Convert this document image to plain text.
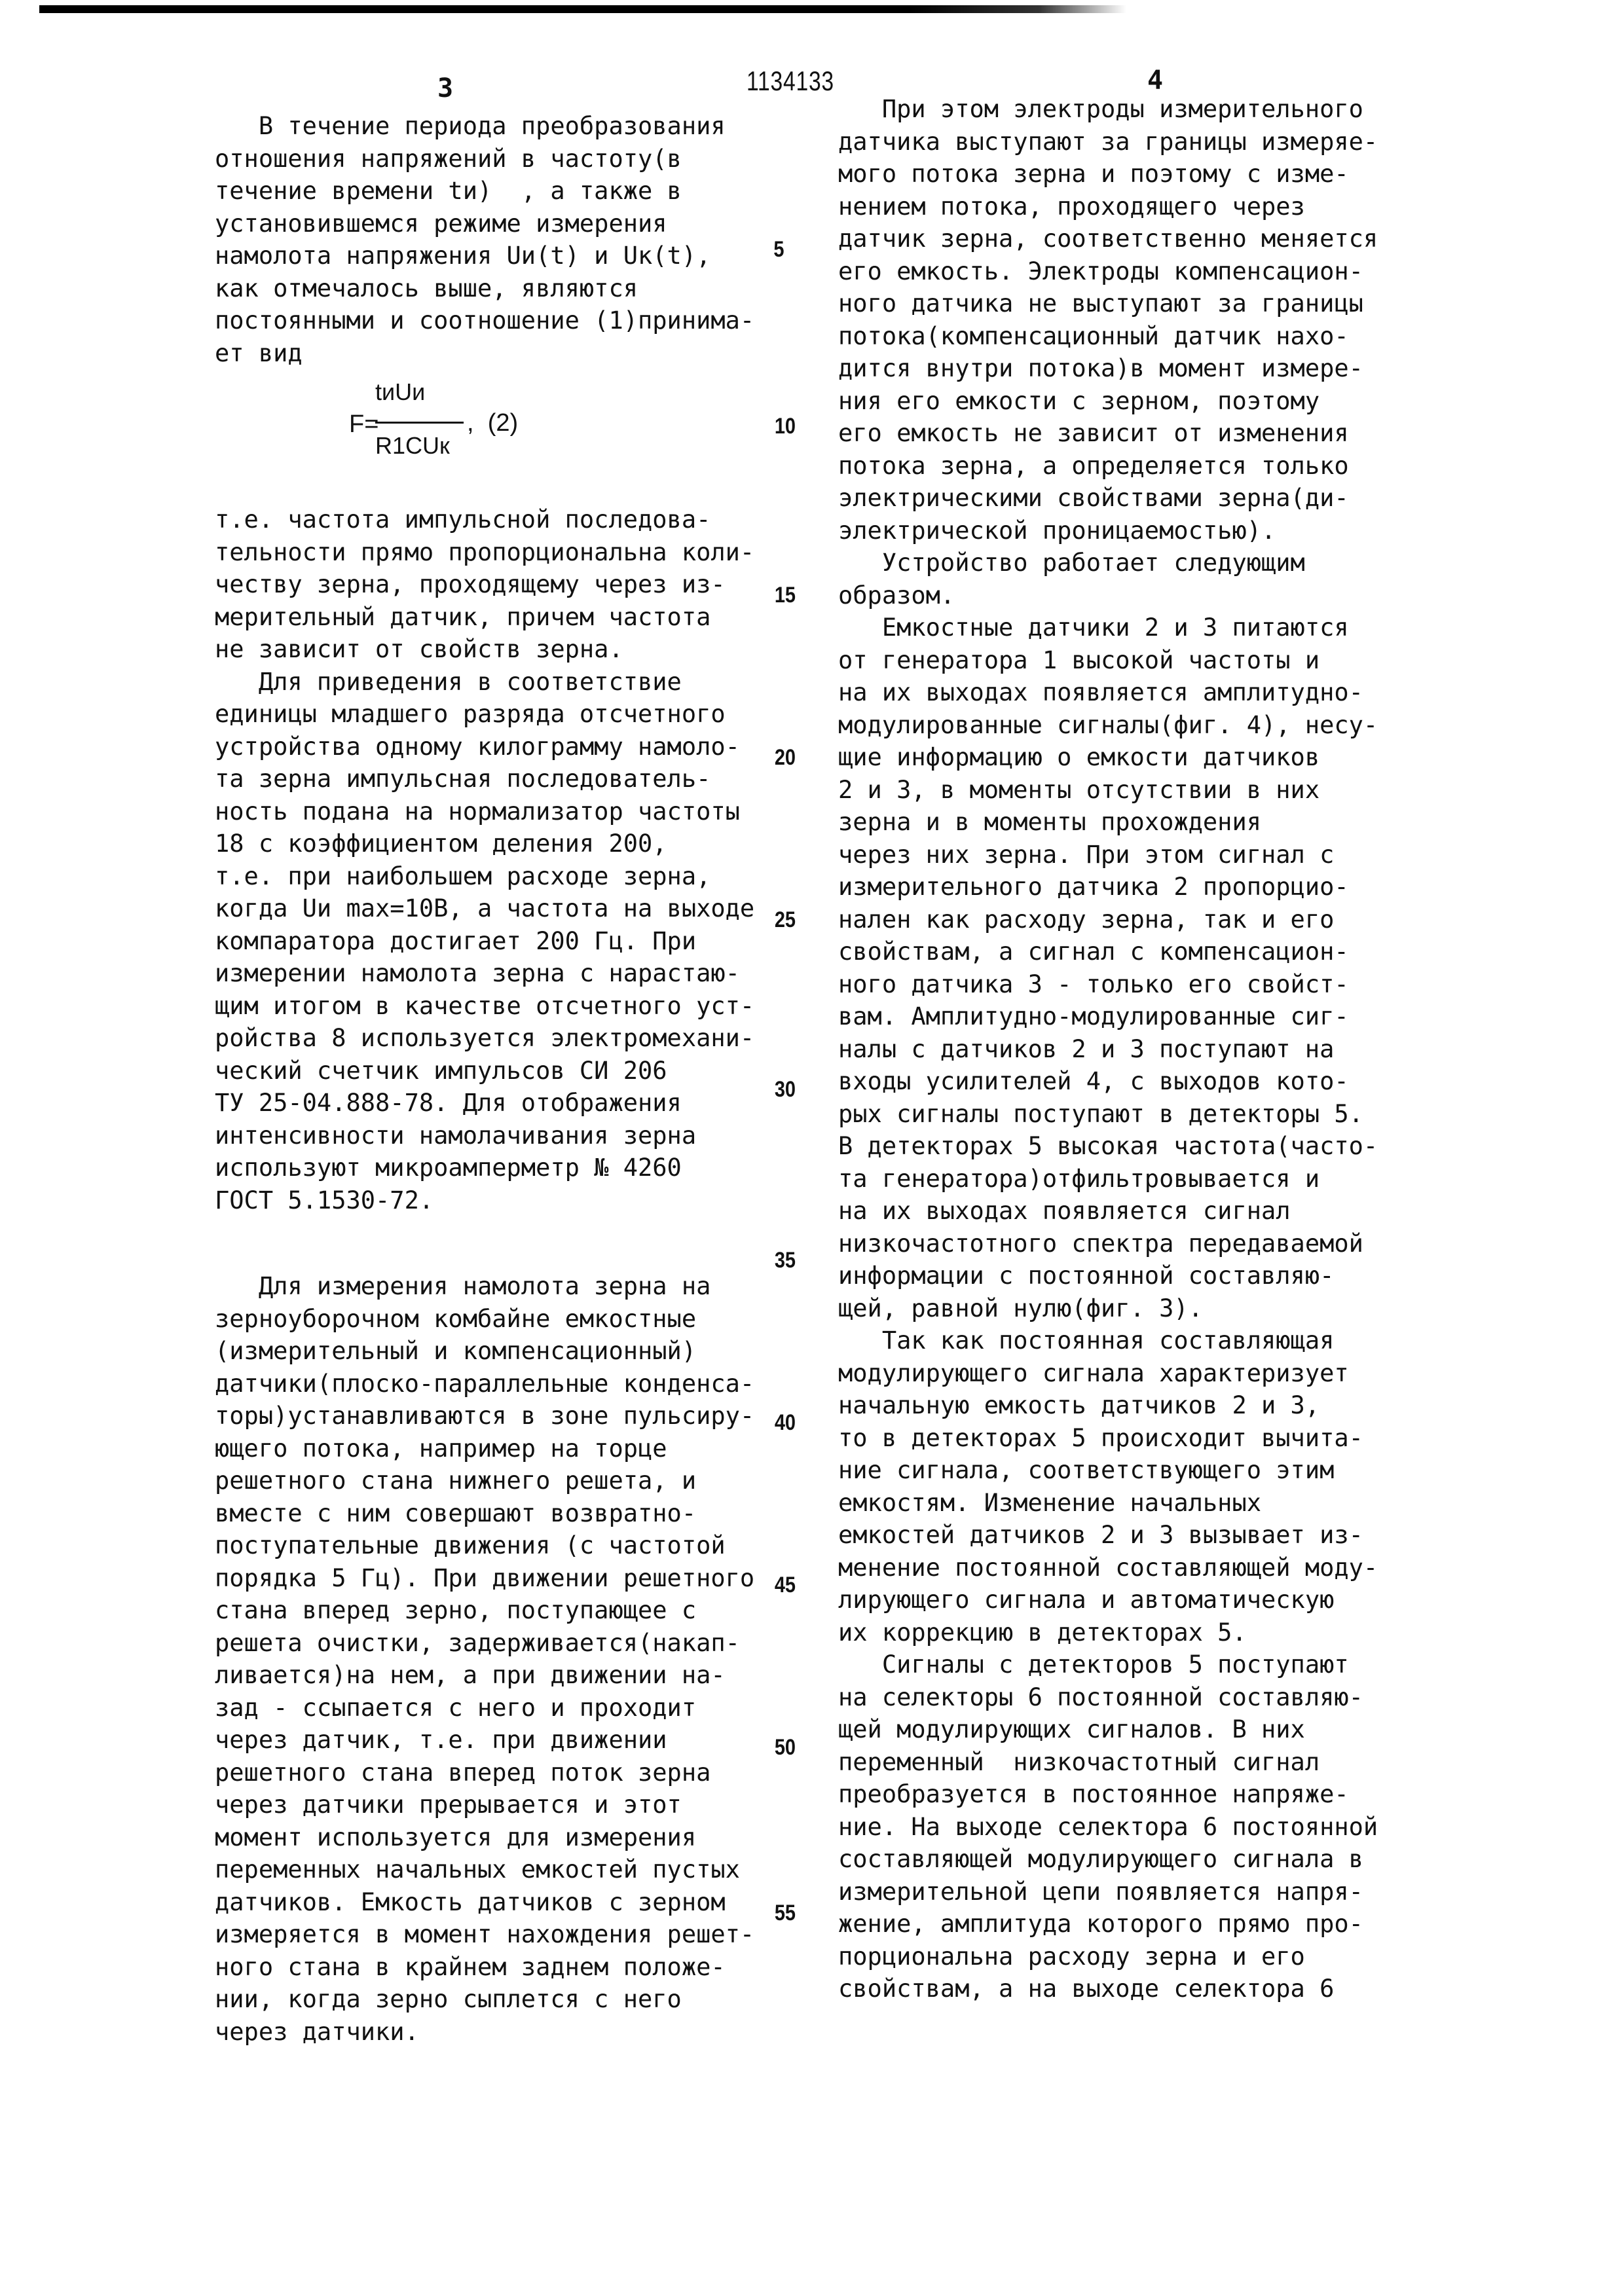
3	1134133	4
5
10
15
20
25
30
35
40
45
50
55

В течение периода преобразования

отношения напряжений в частоту(в

течение времени tи)  , а также в

установившемся режиме измерения

намолота напряжения Uи(t) и Uк(t),

как отмечалось выше, являются

постоянными и соотношение (1)принима-

ет вид

F=
tиUи
R1CUк
, (2)

т.е. частота импульсной последова-

тельности прямо пропорциональна коли-

честву зерна, проходящему через из-

мерительный датчик, причем частота

не зависит от свойств зерна.

Для приведения в соответствие

единицы младшего разряда отсчетного

устройства одному килограмму намоло-

та зерна импульсная последователь-

ность подана на нормализатор частоты

18 с коэффициентом деления 200,

т.е. при наибольшем расходе зерна,

когда Uи max=10В, а частота на выходе

компаратора достигает 200 Гц. При

измерении намолота зерна с нарастаю-

щим итогом в качестве отсчетного уст-

ройства 8 используется электромехани-

ческий счетчик импульсов СИ 206

ТУ 25-04.888-78. Для отображения

интенсивности намолачивания зерна

используют микроамперметр № 4260

ГОСТ 5.1530-72.

Для измерения намолота зерна на

зерноуборочном комбайне емкостные

(измерительный и компенсационный)

датчики(плоско-параллельные конденса-

торы)устанавливаются в зоне пульсиру-

ющего потока, например на торце

решетного стана нижнего решета, и

вместе с ним совершают возвратно-

поступательные движения (с частотой

порядка 5 Гц). При движении решетного

стана вперед зерно, поступающее с

решета очистки, задерживается(накап-

ливается)на нем, а при движении на-

зад - ссыпается с него и проходит

через датчик, т.е. при движении

решетного стана вперед поток зерна

через датчики прерывается и этот

момент используется для измерения

переменных начальных емкостей пустых

датчиков. Емкость датчиков с зерном

измеряется в момент нахождения решет-

ного стана в крайнем заднем положе-

нии, когда зерно сыплется с него

через датчики.

При этом электроды измерительного

датчика выступают за границы измеряе-

мого потока зерна и поэтому с изме-

нением потока, проходящего через

датчик зерна, соответственно меняется

его емкость. Электроды компенсацион-

ного датчика не выступают за границы

потока(компенсационный датчик нахо-

дится внутри потока)в момент измере-

ния его емкости с зерном, поэтому

его емкость не зависит от изменения

потока зерна, а определяется только

электрическими свойствами зерна(ди-

электрической проницаемостью).

Устройство работает следующим

образом.

Емкостные датчики 2 и 3 питаются

от генератора 1 высокой частоты и

на их выходах появляется амплитудно-

модулированные сигналы(фиг. 4), несу-

щие информацию о емкости датчиков

2 и 3, в моменты отсутствии в них

зерна и в моменты прохождения

через них зерна. При этом сигнал с

измерительного датчика 2 пропорцио-

нален как расходу зерна, так и его

свойствам, а сигнал с компенсацион-

ного датчика 3 - только его свойст-

вам. Амплитудно-модулированные сиг-

налы с датчиков 2 и 3 поступают на

входы усилителей 4, с выходов кото-

рых сигналы поступают в детекторы 5.

В детекторах 5 высокая частота(часто-

та генератора)отфильтровывается и

на их выходах появляется сигнал

низкочастотного спектра передаваемой

информации с постоянной составляю-

щей, равной нулю(фиг. 3).

Так как постоянная составляющая

модулирующего сигнала характеризует

начальную емкость датчиков 2 и 3,

то в детекторах 5 происходит вычита-

ние сигнала, соответствующего этим

емкостям. Изменение начальных

емкостей датчиков 2 и 3 вызывает из-

менение постоянной составляющей моду-

лирующего сигнала и автоматическую

их коррекцию в детекторах 5.

Сигналы с детекторов 5 поступают

на селекторы 6 постоянной составляю-

щей модулирующих сигналов. В них

переменный  низкочастотный сигнал

преобразуется в постоянное напряже-

ние. На выходе селектора 6 постоянной

составляющей модулирующего сигнала в

измерительной цепи появляется напря-

жение, амплитуда которого прямо про-

порциональна расходу зерна и его

свойствам, а на выходе селектора 6
